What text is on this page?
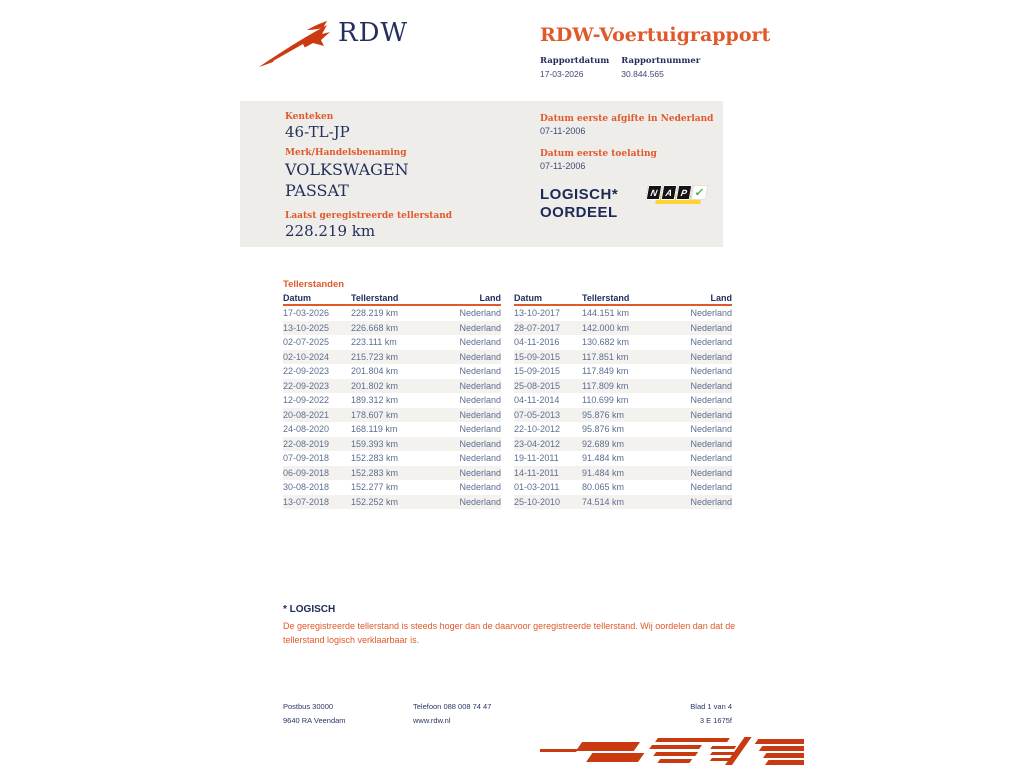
RDW	RDW-Voertuigrapport
Rapportdatum
17-03-2026
Rapportnummer
30.844.565
Kenteken
46-TL-JP
Merk/Handelsbenaming
VOLKSWAGEN
PASSAT
Laatst geregistreerde tellerstand
228.219 km
Datum eerste afgifte in Nederland
07-11-2006
Datum eerste toelating
07-11-2006
LOGISCH*
OORDEEL
N A P ✓
Tellerstanden
Datum	Tellerstand	Land
17-03-2026	228.219 km	Nederland
13-10-2025	226.668 km	Nederland
02-07-2025	223.111 km	Nederland
02-10-2024	215.723 km	Nederland
22-09-2023	201.804 km	Nederland
22-09-2023	201.802 km	Nederland
12-09-2022	189.312 km	Nederland
20-08-2021	178.607 km	Nederland
24-08-2020	168.119 km	Nederland
22-08-2019	159.393 km	Nederland
07-09-2018	152.283 km	Nederland
06-09-2018	152.283 km	Nederland
30-08-2018	152.277 km	Nederland
13-07-2018	152.252 km	Nederland
Datum	Tellerstand	Land
13-10-2017	144.151 km	Nederland
28-07-2017	142.000 km	Nederland
04-11-2016	130.682 km	Nederland
15-09-2015	117.851 km	Nederland
15-09-2015	117.849 km	Nederland
25-08-2015	117.809 km	Nederland
04-11-2014	110.699 km	Nederland
07-05-2013	95.876 km	Nederland
22-10-2012	95.876 km	Nederland
23-04-2012	92.689 km	Nederland
19-11-2011	91.484 km	Nederland
14-11-2011	91.484 km	Nederland
01-03-2011	80.065 km	Nederland
25-10-2010	74.514 km	Nederland
* LOGISCH
De geregistreerde tellerstand is steeds hoger dan de daarvoor geregistreerde tellerstand. Wij oordelen dan dat de tellerstand logisch verklaarbaar is.
Postbus 30000
9640 RA Veendam
Telefoon 088 008 74 47
www.rdw.nl
Blad 1 van 4
3 E 1675f
